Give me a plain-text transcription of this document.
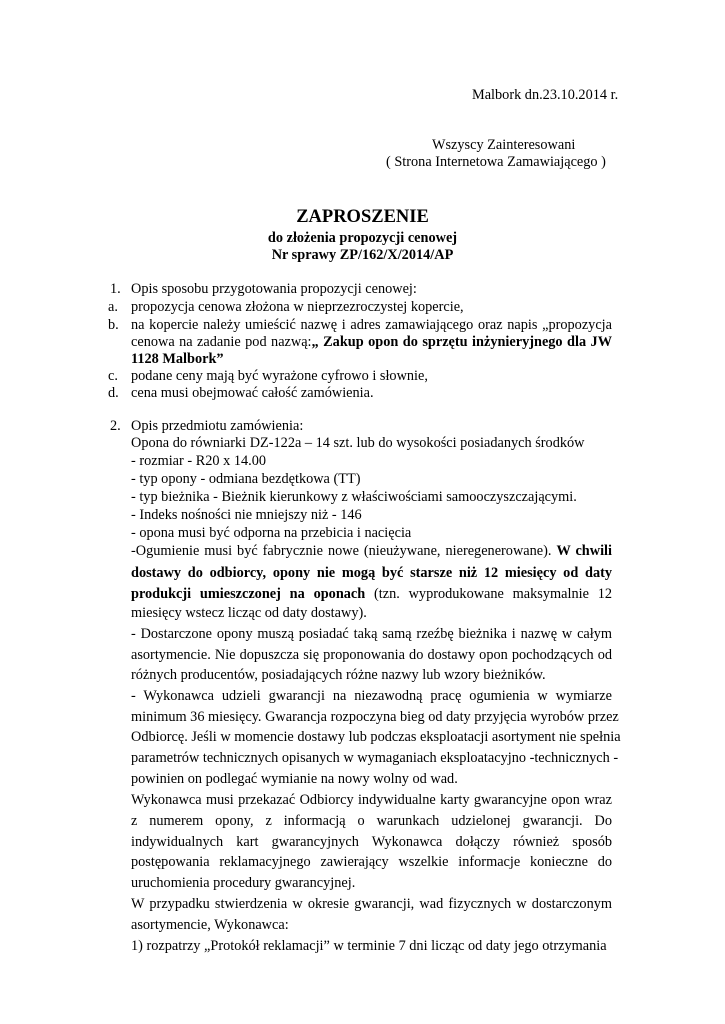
Malbork dn.23.10.2014 r.
Wszyscy Zainteresowani
( Strona Internetowa Zamawiającego )
ZAPROSZENIE
do złożenia propozycji cenowej
Nr sprawy ZP/162/X/2014/AP
1. Opis sposobu przygotowania propozycji cenowej:
a. propozycja cenowa złożona w nieprzezroczystej kopercie,
b. na kopercie należy umieścić nazwę i adres zamawiającego oraz napis „propozycja
cenowa na zadanie pod nazwą:„ Zakup opon do sprzętu inżynieryjnego dla JW
1128 Malbork”
c. podane ceny mają być wyrażone cyfrowo i słownie,
d. cena musi obejmować całość zamówienia.
2. Opis przedmiotu zamówienia:
Opona do równiarki DZ-122a – 14 szt. lub do wysokości posiadanych środków
- rozmiar - R20 x 14.00
- typ opony - odmiana bezdętkowa (TT)
- typ bieżnika - Bieżnik kierunkowy z właściwościami samooczyszczającymi.
- Indeks nośności nie mniejszy niż - 146
- opona musi być odporna na przebicia i nacięcia
-Ogumienie musi być fabrycznie nowe (nieużywane, nieregenerowane). W chwili
dostawy do odbiorcy, opony nie mogą być starsze niż 12 miesięcy od daty
produkcji umieszczonej na oponach (tzn. wyprodukowane maksymalnie 12
miesięcy wstecz licząc od daty dostawy).
- Dostarczone opony muszą posiadać taką samą rzeźbę bieżnika i nazwę w całym
asortymencie. Nie dopuszcza się proponowania do dostawy opon pochodzących od
różnych producentów, posiadających różne nazwy lub wzory bieżników.
- Wykonawca udzieli gwarancji na niezawodną pracę ogumienia w wymiarze
minimum 36 miesięcy. Gwarancja rozpoczyna bieg od daty przyjęcia wyrobów przez
Odbiorcę. Jeśli w momencie dostawy lub podczas eksploatacji asortyment nie spełnia
parametrów technicznych opisanych w wymaganiach eksploatacyjno -technicznych -
powinien on podlegać wymianie na nowy wolny od wad.
Wykonawca musi przekazać Odbiorcy indywidualne karty gwarancyjne opon wraz
z numerem opony, z informacją o warunkach udzielonej gwarancji. Do
indywidualnych kart gwarancyjnych Wykonawca dołączy również sposób
postępowania reklamacyjnego zawierający wszelkie informacje konieczne do
uruchomienia procedury gwarancyjnej.
W przypadku stwierdzenia w okresie gwarancji, wad fizycznych w dostarczonym
asortymencie, Wykonawca:
1) rozpatrzy „Protokół reklamacji” w terminie 7 dni licząc od daty jego otrzymania
